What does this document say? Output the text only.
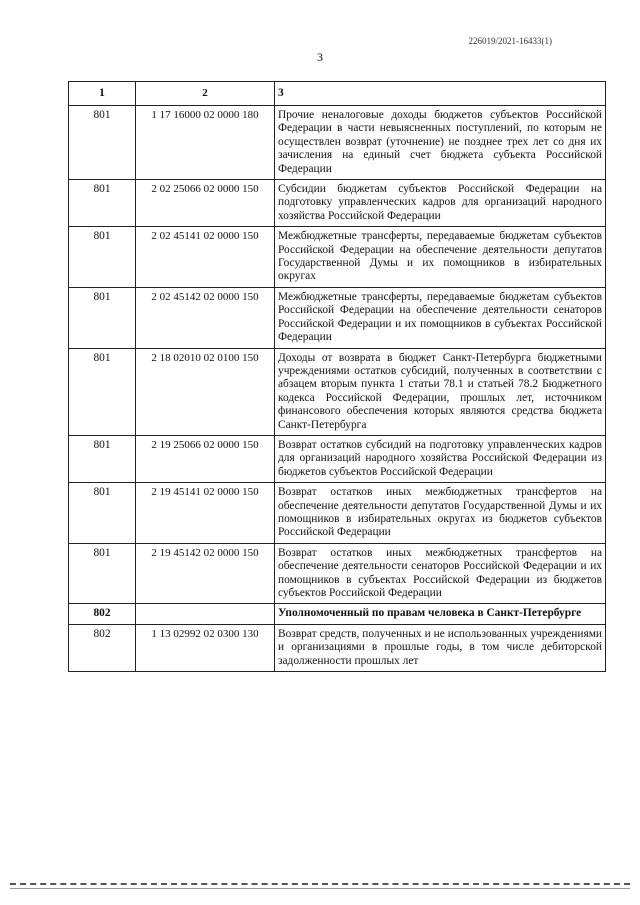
226019/2021-16433(1)
3
1	2	3
801	1 17 16000 02 0000 180	Прочие неналоговые доходы бюджетов субъектов Российской Федерации в части невыясненных поступлений, по которым не осуществлен возврат (уточнение) не позднее трех лет со дня их зачисления на единый счет бюджета субъекта Российской Федерации
801	2 02 25066 02 0000 150	Субсидии бюджетам субъектов Российской Федерации на подготовку управленческих кадров для организаций народного хозяйства Российской Федерации
801	2 02 45141 02 0000 150	Межбюджетные трансферты, передаваемые бюджетам субъектов Российской Федерации на обеспечение деятельности депутатов Государственной Думы и их помощников в избирательных округах
801	2 02 45142 02 0000 150	Межбюджетные трансферты, передаваемые бюджетам субъектов Российской Федерации на обеспечение деятельности сенаторов Российской Федерации и их помощников в субъектах Российской Федерации
801	2 18 02010 02 0100 150	Доходы от возврата в бюджет Санкт-Петербурга бюджетными учреждениями остатков субсидий, полученных в соответствии с абзацем вторым пункта 1 статьи 78.1 и статьей 78.2 Бюджетного кодекса Российской Федерации, прошлых лет, источником финансового обеспечения которых являются средства бюджета Санкт-Петербурга
801	2 19 25066 02 0000 150	Возврат остатков субсидий на подготовку управленческих кадров для организаций народного хозяйства Российской Федерации из бюджетов субъектов Российской Федерации
801	2 19 45141 02 0000 150	Возврат остатков иных межбюджетных трансфертов на обеспечение деятельности депутатов Государственной Думы и их помощников в избирательных округах из бюджетов субъектов Российской Федерации
801	2 19 45142 02 0000 150	Возврат остатков иных межбюджетных трансфертов на обеспечение деятельности сенаторов Российской Федерации и их помощников в субъектах Российской Федерации из бюджетов субъектов Российской Федерации
802		Уполномоченный по правам человека в Санкт-Петербурге
802	1 13 02992 02 0300 130	Возврат средств, полученных и не использованных учреждениями и организациями в прошлые годы, в том числе дебиторской задолженности прошлых лет
